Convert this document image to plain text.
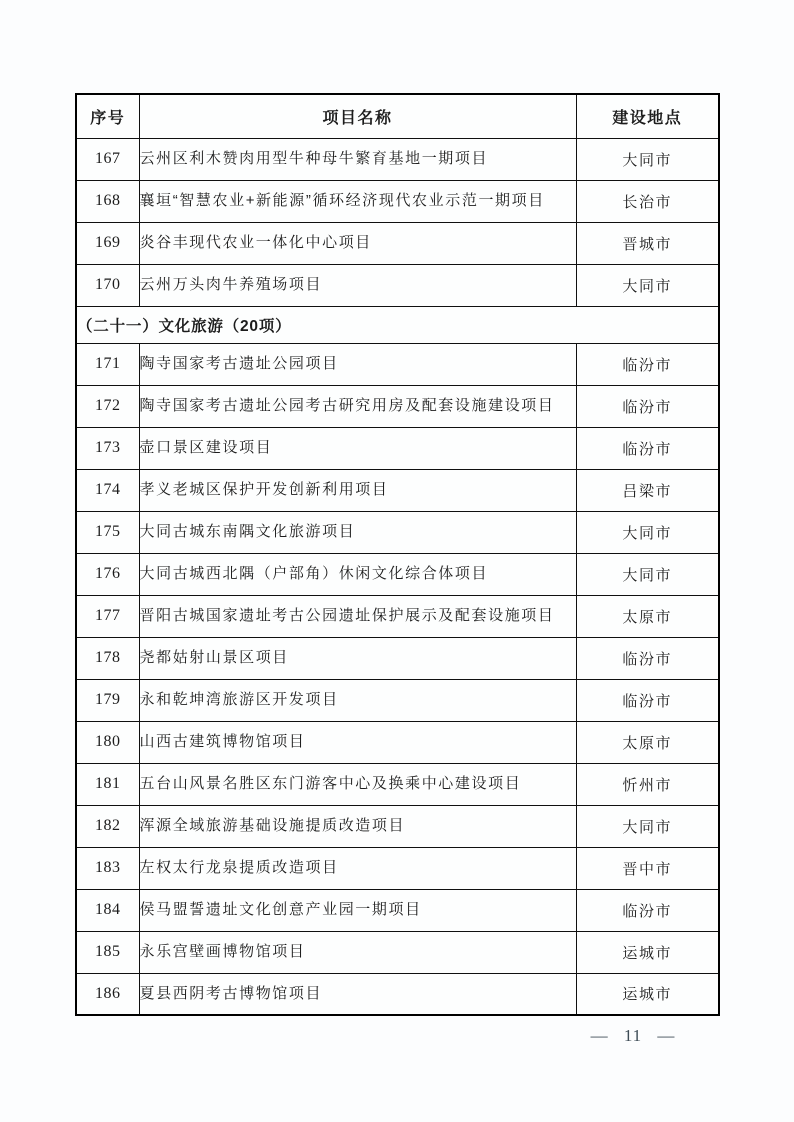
序号	项目名称	建设地点
167	云州区利木赞肉用型牛种母牛繁育基地一期项目	大同市
168	襄垣“智慧农业+新能源”循环经济现代农业示范一期项目	长治市
169	炎谷丰现代农业一体化中心项目	晋城市
170	云州万头肉牛养殖场项目	大同市
（二十一）文化旅游（20项）		
171	陶寺国家考古遗址公园项目	临汾市
172	陶寺国家考古遗址公园考古研究用房及配套设施建设项目	临汾市
173	壶口景区建设项目	临汾市
174	孝义老城区保护开发创新利用项目	吕梁市
175	大同古城东南隅文化旅游项目	大同市
176	大同古城西北隅（户部角）休闲文化综合体项目	大同市
177	晋阳古城国家遗址考古公园遗址保护展示及配套设施项目	太原市
178	尧都姑射山景区项目	临汾市
179	永和乾坤湾旅游区开发项目	临汾市
180	山西古建筑博物馆项目	太原市
181	五台山风景名胜区东门游客中心及换乘中心建设项目	忻州市
182	浑源全域旅游基础设施提质改造项目	大同市
183	左权太行龙泉提质改造项目	晋中市
184	侯马盟誓遗址文化创意产业园一期项目	临汾市
185	永乐宫壁画博物馆项目	运城市
186	夏县西阴考古博物馆项目	运城市
— 11 —
